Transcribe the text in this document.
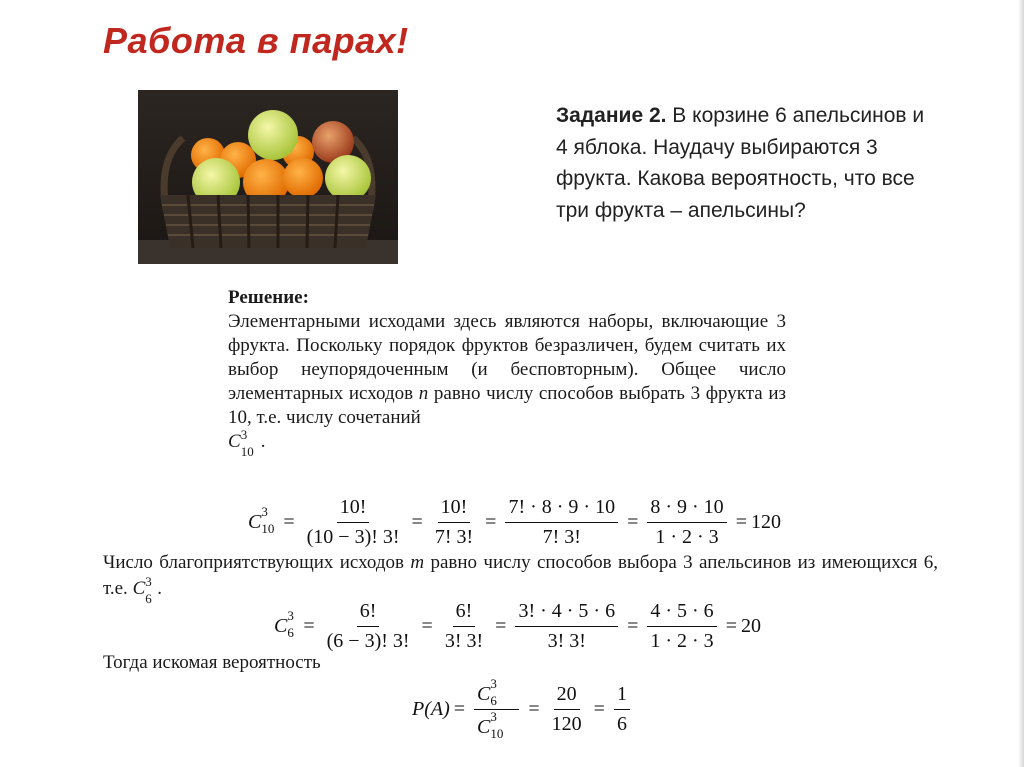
Работа в парах!
Задание 2. В корзине 6 апельсинов и 4 яблока. Наудачу выбираются 3 фрукта. Какова вероятность, что все три фрукта – апельсины?
Решение:
Элементарными исходами здесь являются наборы, включающие 3 фрукта. Поскольку порядок фруктов безразличен, будем считать их выбор неупорядоченным (и бесповторным). Общее число элементарных исходов n равно числу способов выбрать 3 фрукта из 10, т.е. числу сочетаний
C 3
10 .
C 3
$10 = \frac{10!}{(10 - 3)! 3!} = \frac{10!}{7! 3!} = \frac{7! \cdot 8 \cdot 9 \cdot 10}{7! 3!} = \frac{8 \cdot 9 \cdot 10}{1 \cdot 2 \cdot 3} = 120$
Число благоприятствующих исходов m равно числу способов выбора 3 апельсинов из имеющихся 6, т.е. C 3
6 .
C 3
$6 = \frac{6!}{(6 - 3)! 3!} = \frac{6!}{3! 3!} = \frac{3! \cdot 4 \cdot 5 \cdot 6}{3! 3!} = \frac{4 \cdot 5 \cdot 6}{1 \cdot 2 \cdot 3} = 20$
Тогда искомая вероятность
P(A) = C 3
6
C 3
$10 = \frac{20}{120} = \frac{1}{6}$
